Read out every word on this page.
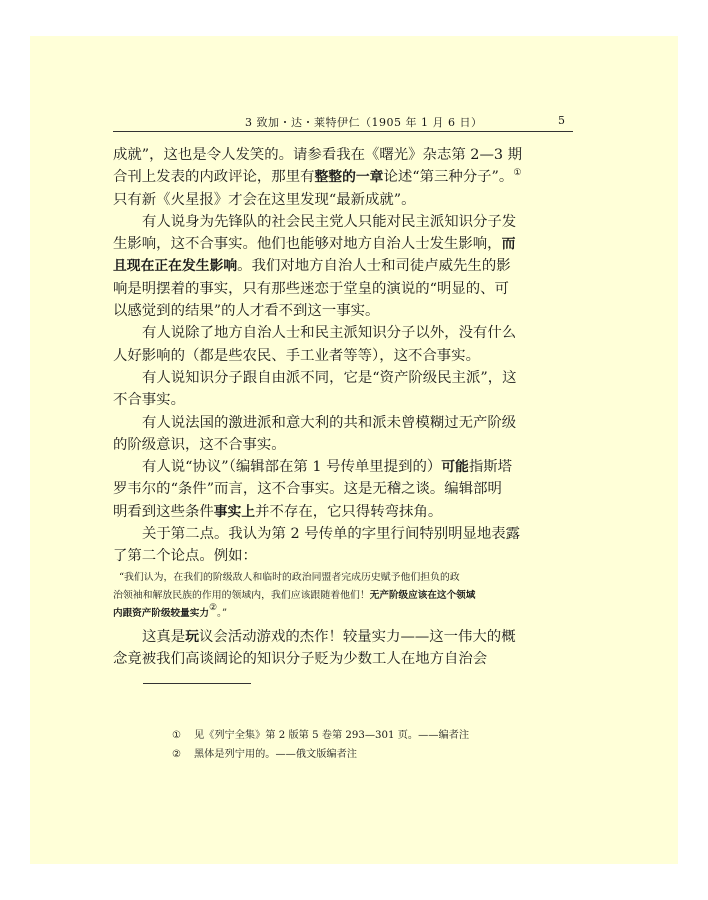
3 致加・达・莱特伊仁（1905 年 1 月 6 日）	5
成就”，这也是令人发笑的。请参看我在《曙光》杂志第 2—3 期
合刊上发表的内政评论，那里有整整的一章论述“第三种分子”。①
只有新《火星报》才会在这里发现“最新成就”。
有人说身为先锋队的社会民主党人只能对民主派知识分子发
生影响，这不合事实。他们也能够对地方自治人士发生影响，而
且现在正在发生影响。我们对地方自治人士和司徒卢威先生的影
响是明摆着的事实，只有那些迷恋于堂皇的演说的“明显的、可
以感觉到的结果”的人才看不到这一事实。
有人说除了地方自治人士和民主派知识分子以外，没有什么
人好影响的（都是些农民、手工业者等等），这不合事实。
有人说知识分子跟自由派不同，它是“资产阶级民主派”，这
不合事实。
有人说法国的激进派和意大利的共和派未曾模糊过无产阶级
的阶级意识，这不合事实。
有人说“协议”（编辑部在第 1 号传单里提到的）可能指斯塔
罗韦尔的“条件”而言，这不合事实。这是无稽之谈。编辑部明
明看到这些条件事实上并不存在，它只得转弯抹角。
关于第二点。我认为第 2 号传单的字里行间特别明显地表露
了第二个论点。例如：
“我们认为，在我们的阶级敌人和临时的政治同盟者完成历史赋予他们担负的政
治领袖和解放民族的作用的领域内，我们应该跟随着他们！无产阶级应该在这个领域
内跟资产阶级较量实力②。”
这真是玩议会活动游戏的杰作！较量实力——这一伟大的概
念竟被我们高谈阔论的知识分子贬为少数工人在地方自治会
① 见《列宁全集》第 2 版第 5 卷第 293—301 页。——编者注
② 黑体是列宁用的。——俄文版编者注
